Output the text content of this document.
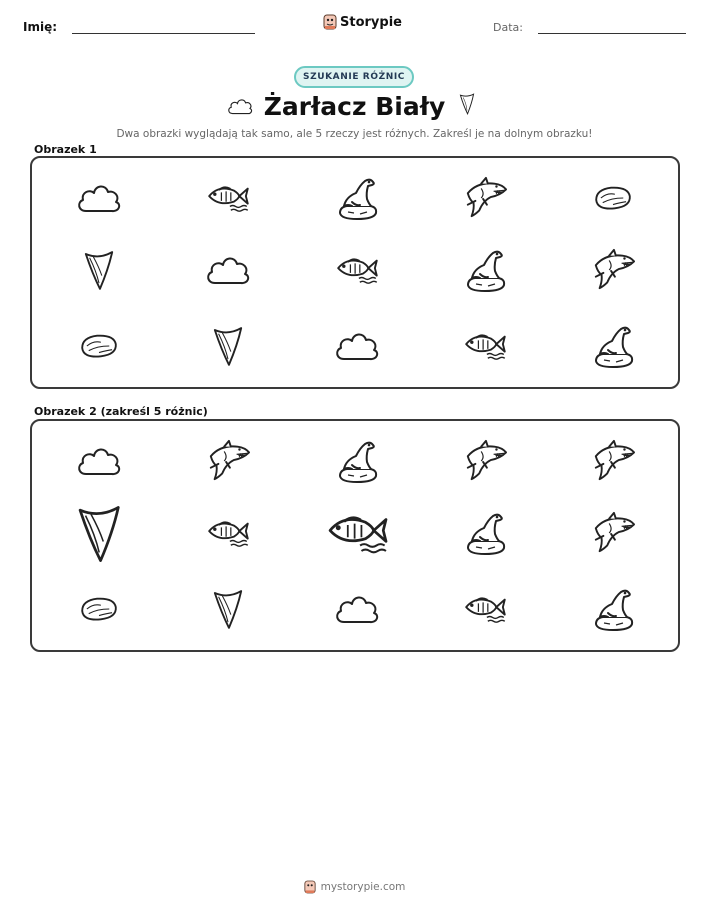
Imię:	Storypie	Data:
SZUKANIE RÓŻNIC
Żarłacz Biały
Dwa obrazki wyglądają tak samo, ale 5 rzeczy jest różnych. Zakreśl je na dolnym obrazku!
Obrazek 1
Obrazek 2 (zakreśl 5 różnic)
mystorypie.com
